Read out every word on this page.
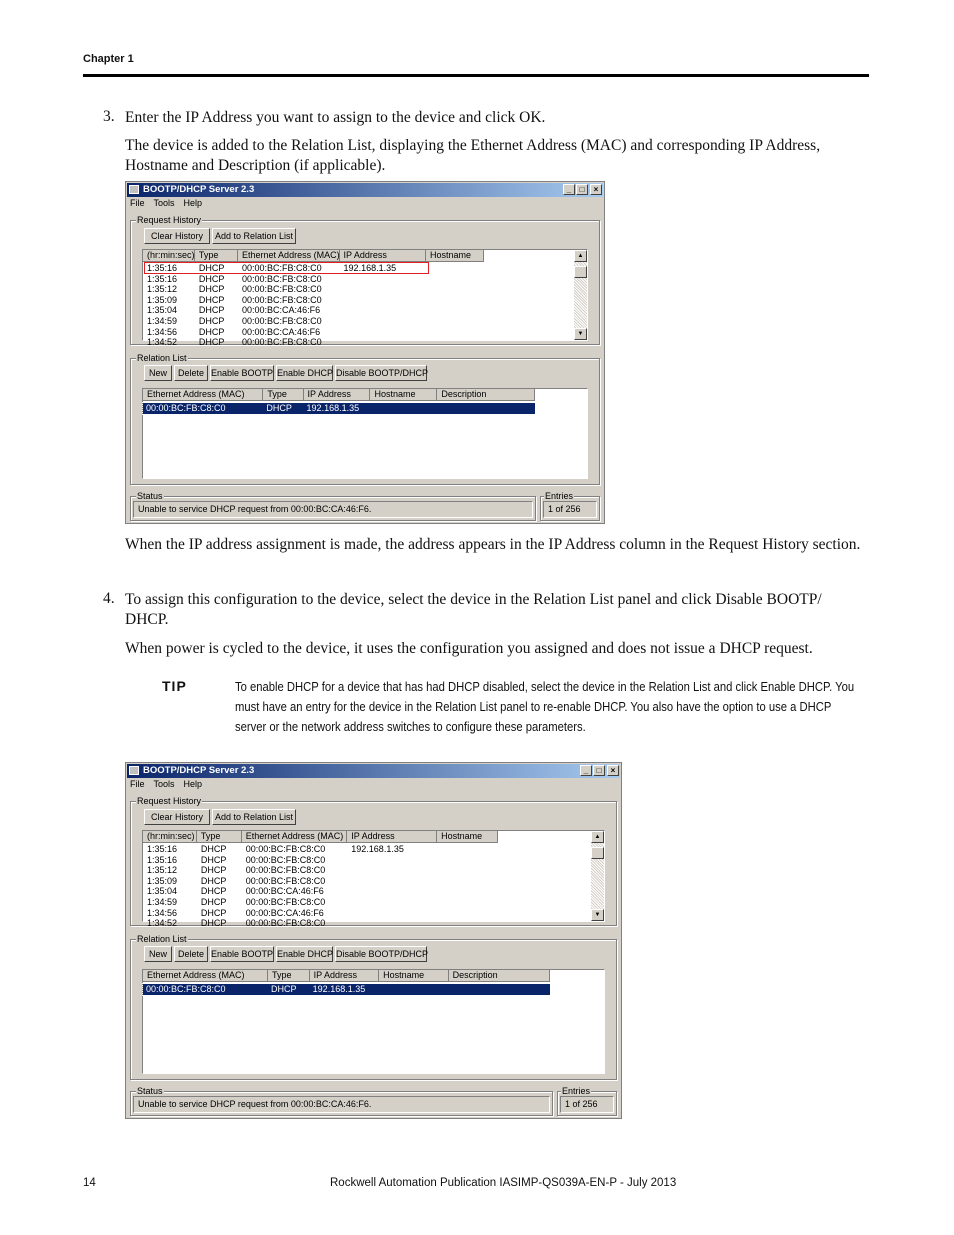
Chapter 1
3. Enter the IP Address you want to assign to the device and click OK.
The device is added to the Relation List, displaying the Ethernet Address (MAC) and corresponding IP Address, Hostname and Description (if applicable).
BOOTP/DHCP Server 2.3	_	□	×
File Tools Help
Request History
Clear History	Add to Relation List
(hr:min:sec) Type	Ethernet Address (MAC) IP Address	Hostname
1:35:16 DHCP 00:00:BC:FB:C8:C0 192.168.1.35
1:35:16 DHCP 00:00:BC:FB:C8:C0
1:35:12 DHCP 00:00:BC:FB:C8:C0
1:35:09 DHCP 00:00:BC:FB:C8:C0
1:35:04 DHCP 00:00:BC:CA:46:F6
1:34:59 DHCP 00:00:BC:FB:C8:C0
1:34:56 DHCP 00:00:BC:CA:46:F6
1:34:52 DHCP 00:00:BC:FB:C8:C0
▲
▼
Relation List
New	Delete Enable BOOTP Enable DHCP Disable BOOTP/DHCP
Ethernet Address (MAC)	Type	IP Address	Hostname	Description
00:00:BC:FB:C8:C0	DHCP 192.168.1.35
Status
Unable to service DHCP request from 00:00:BC:CA:46:F6.
Entries
1 of 256
When the IP address assignment is made, the address appears in the IP Address column in the Request History section.
4. To assign this configuration to the device, select the device in the Relation List panel and click Disable BOOTP/ DHCP.
When power is cycled to the device, it uses the configuration you assigned and does not issue a DHCP request.
TIP	To enable DHCP for a device that has had DHCP disabled, select the device in the Relation List and click Enable DHCP. You must have an entry for the device in the Relation List panel to re-enable DHCP. You also have the option to use a DHCP server or the network address switches to configure these parameters.
BOOTP/DHCP Server 2.3	_	□	×
File Tools Help
Request History
Clear History	Add to Relation List
(hr:min:sec) Type	Ethernet Address (MAC) IP Address	Hostname
1:35:16	DHCP 00:00:BC:FB:C8:C0	192.168.1.35
1:35:16	DHCP 00:00:BC:FB:C8:C0
1:35:12	DHCP 00:00:BC:FB:C8:C0
1:35:09	DHCP 00:00:BC:FB:C8:C0
1:35:04	DHCP 00:00:BC:CA:46:F6
1:34:59	DHCP 00:00:BC:FB:C8:C0
1:34:56	DHCP 00:00:BC:CA:46:F6
1:34:52	DHCP 00:00:BC:FB:C8:C0
▲
▼
Relation List
New	Delete Enable BOOTP Enable DHCP Disable BOOTP/DHCP
Ethernet Address (MAC)	Type	IP Address	Hostname	Description
00:00:BC:FB:C8:C0	DHCP 192.168.1.35
Status
Unable to service DHCP request from 00:00:BC:CA:46:F6.
Entries
1 of 256
14	Rockwell Automation Publication IASIMP-QS039A-EN-P - July 2013
